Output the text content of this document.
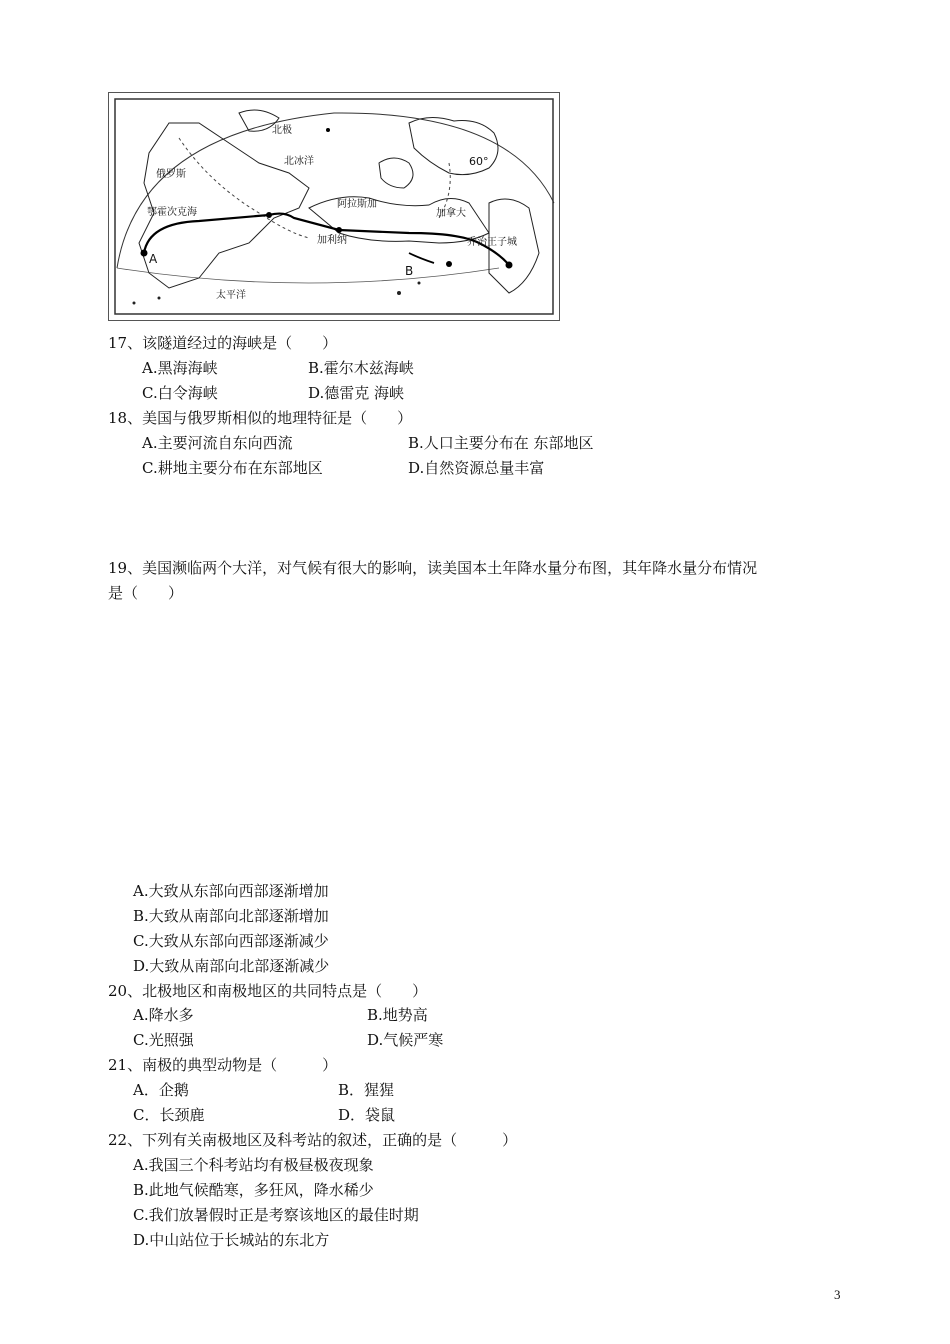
北极
北冰洋
俄罗斯
鄂霍次克海
阿拉斯加
加拿大
加利纳	乔治王子城
太平洋
A
B
60°
17、该隧道经过的海峡是（　　）
A.黑海海峡	B.霍尔木兹海峡
C.白令海峡	D.德雷克 海峡
18、美国与俄罗斯相似的地理特征是（　　）
A.主要河流自东向西流	B.人口主要分布在 东部地区
C.耕地主要分布在东部地区	D.自然资源总量丰富
19、美国濒临两个大洋，对气候有很大的影响，读美国本土年降水量分布图，其年降水量分布情况
是（　　）
A.大致从东部向西部逐渐增加
B.大致从南部向北部逐渐增加
C.大致从东部向西部逐渐减少
D.大致从南部向北部逐渐减少
20、北极地区和南极地区的共同特点是（　　）
A.降水多	B.地势高
C.光照强	D.气候严寒
21、南极的典型动物是（　　　）
A．企鹅	B．猩猩
C．长颈鹿	D．袋鼠
22、下列有关南极地区及科考站的叙述，正确的是（　　　）
A.我国三个科考站均有极昼极夜现象
B.此地气候酷寒，多狂风，降水稀少
C.我们放暑假时正是考察该地区的最佳时期
D.中山站位于长城站的东北方
3
